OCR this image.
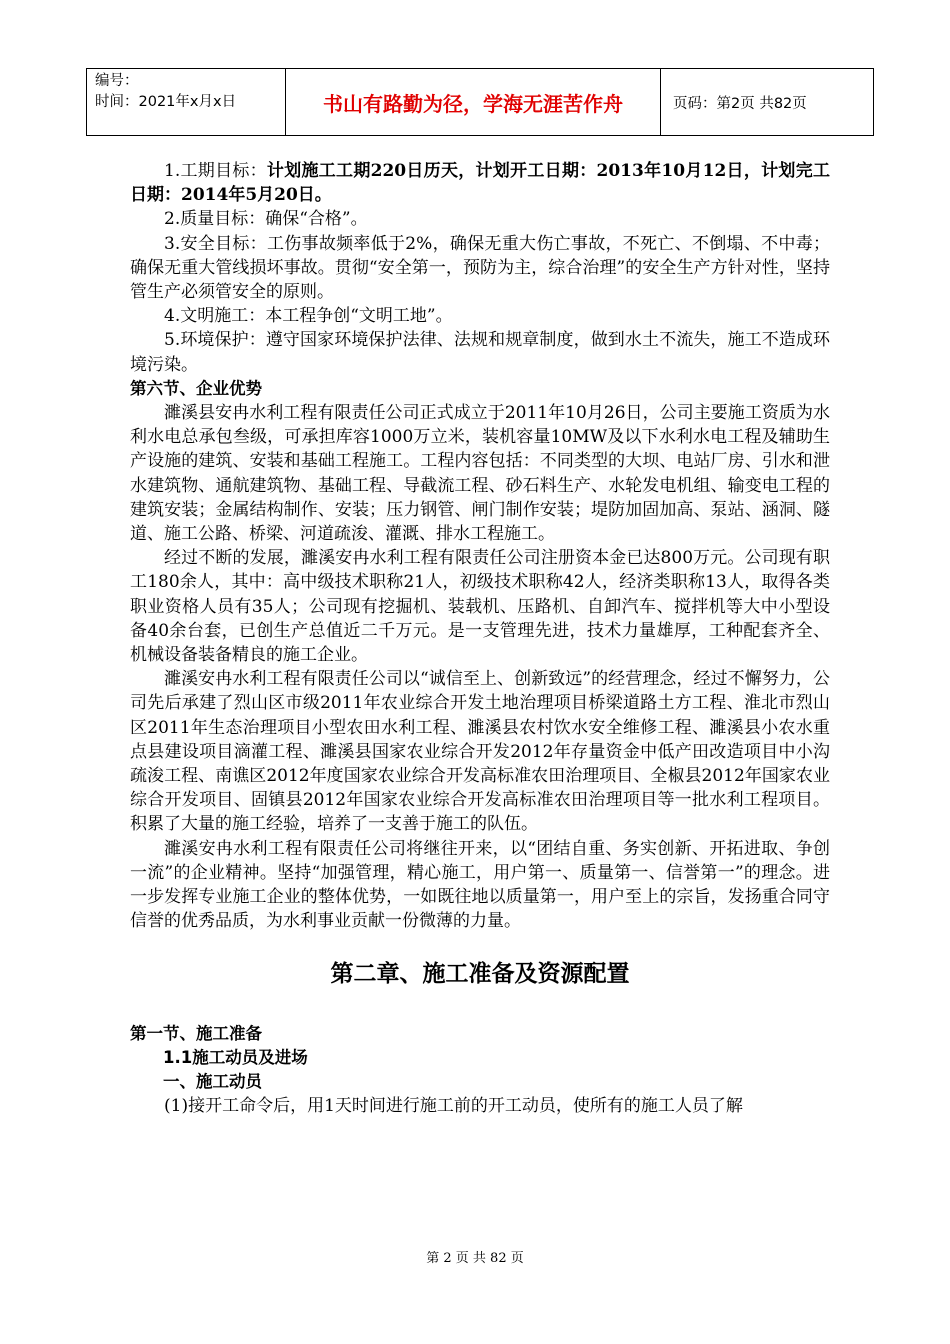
编号：
时间：2021年x月x日	书山有路勤为径，学海无涯苦作舟	页码：第2页 共82页

1.工期目标：计划施工工期220日历天，计划开工日期：2013年10月12日，计划完工日期：2014年5月20日。

2.质量目标：确保“合格”。

3.安全目标：工伤事故频率低于2%，确保无重大伤亡事故，不死亡、不倒塌、不中毒；确保无重大管线损坏事故。贯彻“安全第一，预防为主，综合治理”的安全生产方针对性，坚持管生产必须管安全的原则。

4.文明施工：本工程争创“文明工地”。

5.环境保护：遵守国家环境保护法律、法规和规章制度，做到水土不流失，施工不造成环境污染。

第六节、企业优势

濉溪县安冉水利工程有限责任公司正式成立于2011年10月26日，公司主要施工资质为水利水电总承包叁级，可承担库容1000万立米，装机容量10MW及以下水利水电工程及辅助生产设施的建筑、安装和基础工程施工。工程内容包括：不同类型的大坝、电站厂房、引水和泄水建筑物、通航建筑物、基础工程、导截流工程、砂石料生产、水轮发电机组、输变电工程的建筑安装；金属结构制作、安装；压力钢管、闸门制作安装；堤防加固加高、泵站、涵洞、隧道、施工公路、桥梁、河道疏浚、灌溉、排水工程施工。

经过不断的发展，濉溪安冉水利工程有限责任公司注册资本金已达800万元。公司现有职工180余人，其中：高中级技术职称21人，初级技术职称42人，经济类职称13人，取得各类职业资格人员有35人；公司现有挖掘机、装载机、压路机、自卸汽车、搅拌机等大中小型设备40余台套，已创生产总值近二千万元。是一支管理先进，技术力量雄厚，工种配套齐全、机械设备装备精良的施工企业。

濉溪安冉水利工程有限责任公司以“诚信至上、创新致远”的经营理念，经过不懈努力，公司先后承建了烈山区市级2011年农业综合开发土地治理项目桥梁道路土方工程、淮北市烈山区2011年生态治理项目小型农田水利工程、濉溪县农村饮水安全维修工程、濉溪县小农水重点县建设项目滴灌工程、濉溪县国家农业综合开发2012年存量资金中低产田改造项目中小沟疏浚工程、南谯区2012年度国家农业综合开发高标准农田治理项目、全椒县2012年国家农业综合开发项目、固镇县2012年国家农业综合开发高标准农田治理项目等一批水利工程项目。积累了大量的施工经验，培养了一支善于施工的队伍。

濉溪安冉水利工程有限责任公司将继往开来，以“团结自重、务实创新、开拓进取、争创一流”的企业精神。坚持“加强管理，精心施工，用户第一、质量第一、信誉第一”的理念。进一步发挥专业施工企业的整体优势，一如既往地以质量第一，用户至上的宗旨，发扬重合同守信誉的优秀品质，为水利事业贡献一份微薄的力量。

第二章、施工准备及资源配置

第一节、施工准备

1.1施工动员及进场

一、施工动员

(1)接开工命令后，用1天时间进行施工前的开工动员，使所有的施工人员了解

第 2 页 共 82 页
